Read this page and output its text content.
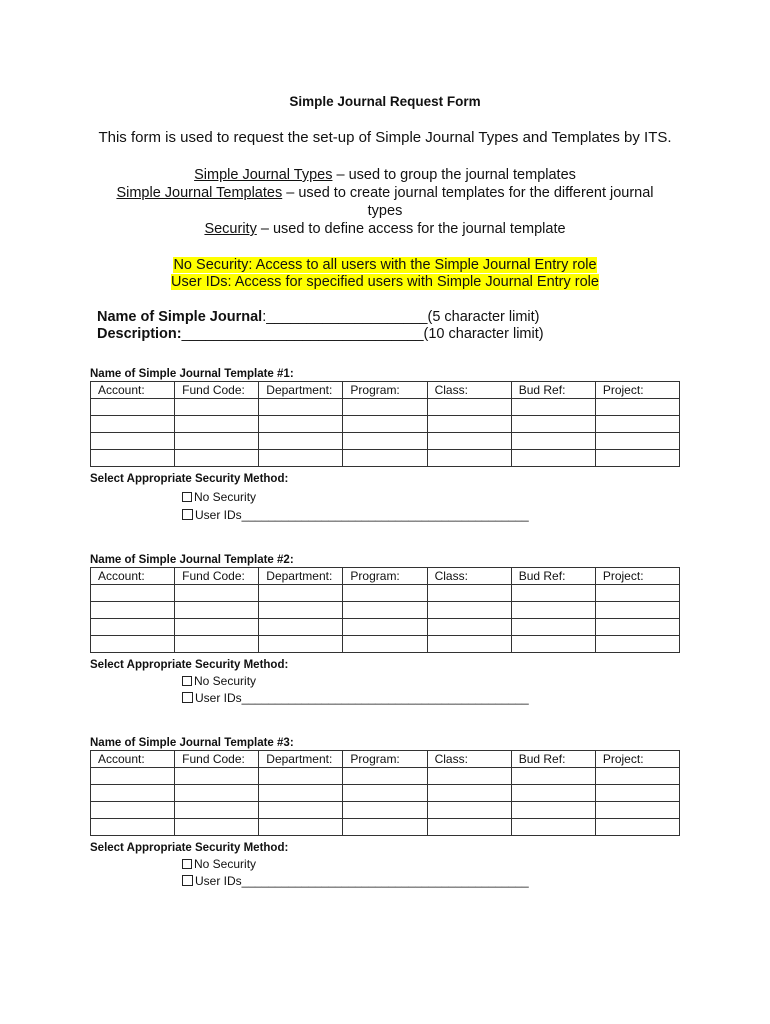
Simple Journal Request Form
This form is used to request the set-up of Simple Journal Types and Templates by ITS.
Simple Journal Types – used to group the journal templates
Simple Journal Templates – used to create journal templates for the different journal types
Security – used to define access for the journal template
No Security: Access to all users with the Simple Journal Entry role
User IDs: Access for specified users with Simple Journal Entry role
Name of Simple Journal:____________________(5 character limit)
Description:______________________________(10 character limit)
Name of Simple Journal Template #1:
Account:	Fund Code:	Department:	Program:	Class:	Bud Ref:	Project:

Select Appropriate Security Method:
No Security
User IDs___________________________________________
Name of Simple Journal Template #2:
Account:	Fund Code:	Department:	Program:	Class:	Bud Ref:	Project:

Select Appropriate Security Method:
No Security
User IDs___________________________________________
Name of Simple Journal Template #3:
Account:	Fund Code:	Department:	Program:	Class:	Bud Ref:	Project:

Select Appropriate Security Method:
No Security
User IDs___________________________________________
